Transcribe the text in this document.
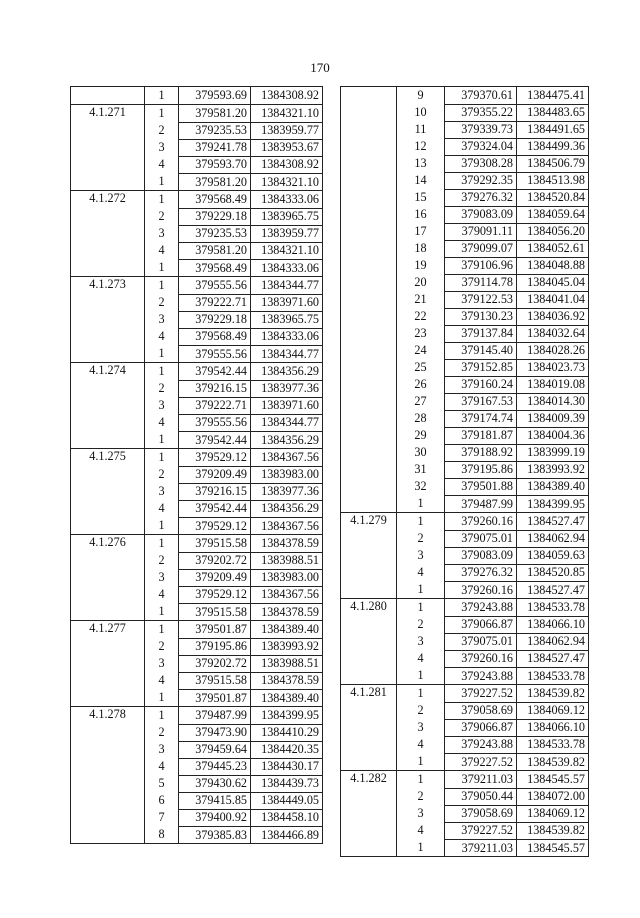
170
	1	379593.69	1384308.92
4.1.271	1	379581.20	1384321.10
	2	379235.53	1383959.77
	3	379241.78	1383953.67
	4	379593.70	1384308.92
	1	379581.20	1384321.10
4.1.272	1	379568.49	1384333.06
	2	379229.18	1383965.75
	3	379235.53	1383959.77
	4	379581.20	1384321.10
	1	379568.49	1384333.06
4.1.273	1	379555.56	1384344.77
	2	379222.71	1383971.60
	3	379229.18	1383965.75
	4	379568.49	1384333.06
	1	379555.56	1384344.77
4.1.274	1	379542.44	1384356.29
	2	379216.15	1383977.36
	3	379222.71	1383971.60
	4	379555.56	1384344.77
	1	379542.44	1384356.29
4.1.275	1	379529.12	1384367.56
	2	379209.49	1383983.00
	3	379216.15	1383977.36
	4	379542.44	1384356.29
	1	379529.12	1384367.56
4.1.276	1	379515.58	1384378.59
	2	379202.72	1383988.51
	3	379209.49	1383983.00
	4	379529.12	1384367.56
	1	379515.58	1384378.59
4.1.277	1	379501.87	1384389.40
	2	379195.86	1383993.92
	3	379202.72	1383988.51
	4	379515.58	1384378.59
	1	379501.87	1384389.40
4.1.278	1	379487.99	1384399.95
	2	379473.90	1384410.29
	3	379459.64	1384420.35
	4	379445.23	1384430.17
	5	379430.62	1384439.73
	6	379415.85	1384449.05
	7	379400.92	1384458.10
	8	379385.83	1384466.89
	9	379370.61	1384475.41
	10	379355.22	1384483.65
	11	379339.73	1384491.65
	12	379324.04	1384499.36
	13	379308.28	1384506.79
	14	379292.35	1384513.98
	15	379276.32	1384520.84
	16	379083.09	1384059.64
	17	379091.11	1384056.20
	18	379099.07	1384052.61
	19	379106.96	1384048.88
	20	379114.78	1384045.04
	21	379122.53	1384041.04
	22	379130.23	1384036.92
	23	379137.84	1384032.64
	24	379145.40	1384028.26
	25	379152.85	1384023.73
	26	379160.24	1384019.08
	27	379167.53	1384014.30
	28	379174.74	1384009.39
	29	379181.87	1384004.36
	30	379188.92	1383999.19
	31	379195.86	1383993.92
	32	379501.88	1384389.40
	1	379487.99	1384399.95
4.1.279	1	379260.16	1384527.47
	2	379075.01	1384062.94
	3	379083.09	1384059.63
	4	379276.32	1384520.85
	1	379260.16	1384527.47
4.1.280	1	379243.88	1384533.78
	2	379066.87	1384066.10
	3	379075.01	1384062.94
	4	379260.16	1384527.47
	1	379243.88	1384533.78
4.1.281	1	379227.52	1384539.82
	2	379058.69	1384069.12
	3	379066.87	1384066.10
	4	379243.88	1384533.78
	1	379227.52	1384539.82
4.1.282	1	379211.03	1384545.57
	2	379050.44	1384072.00
	3	379058.69	1384069.12
	4	379227.52	1384539.82
	1	379211.03	1384545.57
